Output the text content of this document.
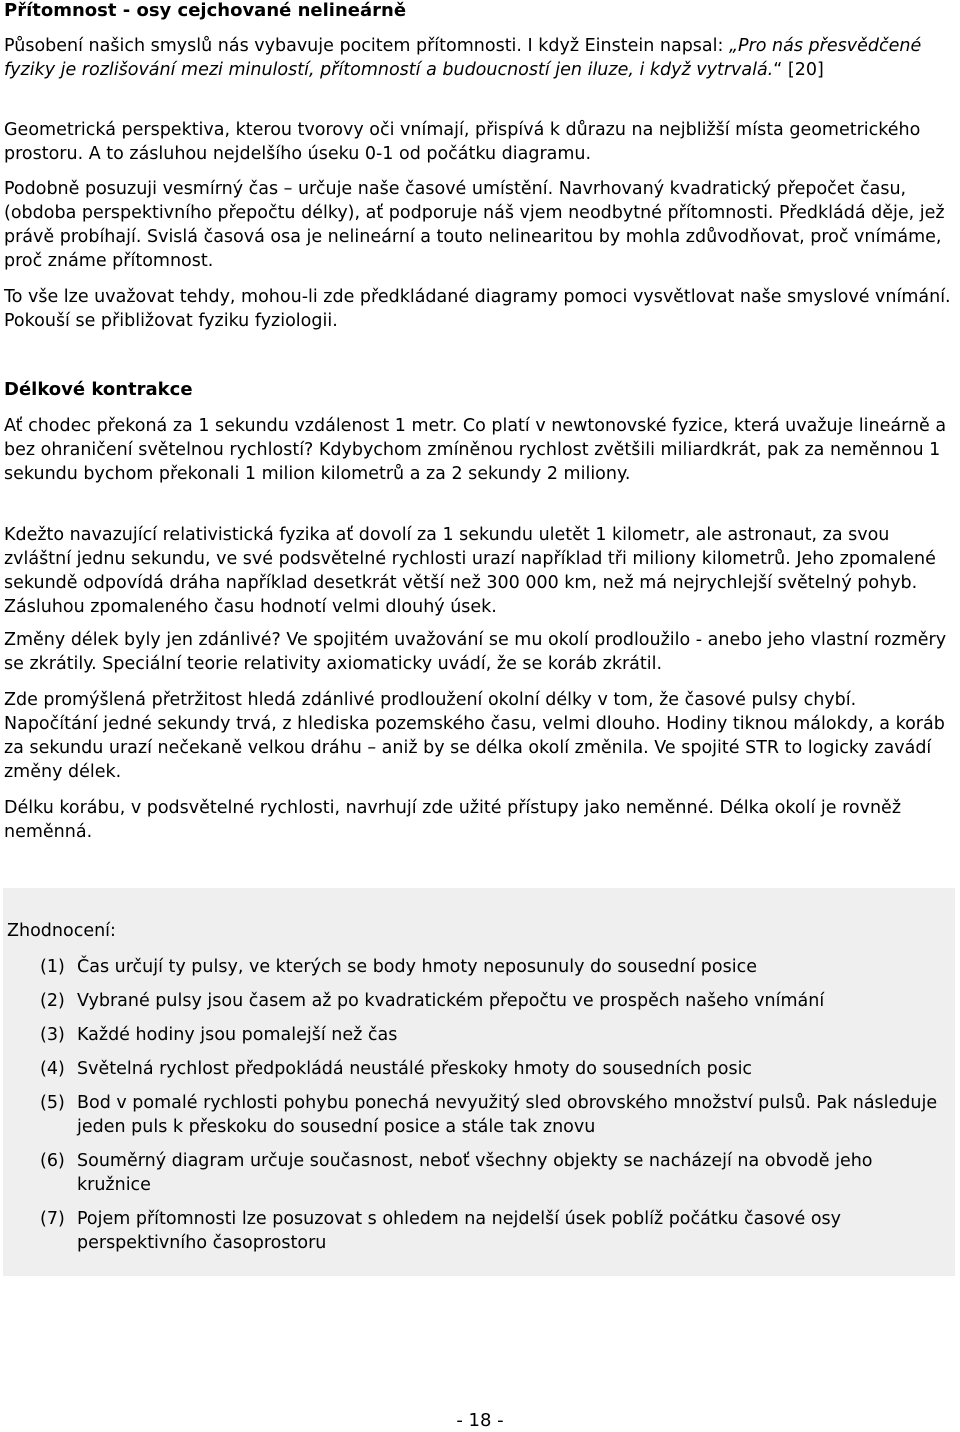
Přítomnost - osy cejchované nelineárně

Působení našich smyslů nás vybavuje pocitem přítomnosti. I když Einstein napsal: „Pro nás přesvědčené fyziky je rozlišování mezi minulostí, přítomností a budoucností jen iluze, i když vytrvalá.“ [20]

Geometrická perspektiva, kterou tvorovy oči vnímají, přispívá k důrazu na nejbližší místa geometrického prostoru. A to zásluhou nejdelšího úseku 0-1 od počátku diagramu.

Podobně posuzuji vesmírný čas – určuje naše časové umístění. Navrhovaný kvadratický přepočet času, (obdoba perspektivního přepočtu délky), ať podporuje náš vjem neodbytné přítomnosti. Předkládá děje, jež právě probíhají. Svislá časová osa je nelineární a touto nelinearitou by mohla zdůvodňovat, proč vnímáme, proč známe přítomnost.

To vše lze uvažovat tehdy, mohou-li zde předkládané diagramy pomoci vysvětlovat naše smyslové vnímání. Pokouší se přibližovat fyziku fyziologii.

Délkové kontrakce

Ať chodec překoná za 1 sekundu vzdálenost 1 metr. Co platí v newtonovské fyzice, která uvažuje lineárně a bez ohraničení světelnou rychlostí? Kdybychom zmíněnou rychlost zvětšili miliardkrát, pak za neměnnou 1 sekundu bychom překonali 1 milion kilometrů a za 2 sekundy 2 miliony.

Kdežto navazující relativistická fyzika ať dovolí za 1 sekundu uletět 1 kilometr, ale astronaut, za svou zvláštní jednu sekundu, ve své podsvětelné rychlosti urazí například tři miliony kilometrů. Jeho zpomalené sekundě odpovídá dráha například desetkrát větší než 300 000 km, než má nejrychlejší světelný pohyb. Zásluhou zpomaleného času hodnotí velmi dlouhý úsek.

Změny délek byly jen zdánlivé? Ve spojitém uvažování se mu okolí prodloužilo - anebo jeho vlastní rozměry se zkrátily. Speciální teorie relativity axiomaticky uvádí, že se koráb zkrátil.

Zde promýšlená přetržitost hledá zdánlivé prodloužení okolní délky v tom, že časové pulsy chybí. Napočítání jedné sekundy trvá, z hlediska pozemského času, velmi dlouho. Hodiny tiknou málokdy, a koráb za sekundu urazí nečekaně velkou dráhu – aniž by se délka okolí změnila. Ve spojité STR to logicky zavádí změny délek.

Délku korábu, v podsvětelné rychlosti, navrhují zde užité přístupy jako neměnné. Délka okolí je rovněž neměnná.

Zhodnocení:

(1) Čas určují ty pulsy, ve kterých se body hmoty neposunuly do sousední posice
(2) Vybrané pulsy jsou časem až po kvadratickém přepočtu ve prospěch našeho vnímání
(3) Každé hodiny jsou pomalejší než čas
(4) Světelná rychlost předpokládá neustálé přeskoky hmoty do sousedních posic
(5) Bod v pomalé rychlosti pohybu ponechá nevyužitý sled obrovského množství pulsů. Pak následuje jeden puls k přeskoku do sousední posice a stále tak znovu
(6) Souměrný diagram určuje současnost, neboť všechny objekty se nacházejí na obvodě jeho kružnice
(7) Pojem přítomnosti lze posuzovat s ohledem na nejdelší úsek poblíž počátku časové osy perspektivního časoprostoru
- 18 -
